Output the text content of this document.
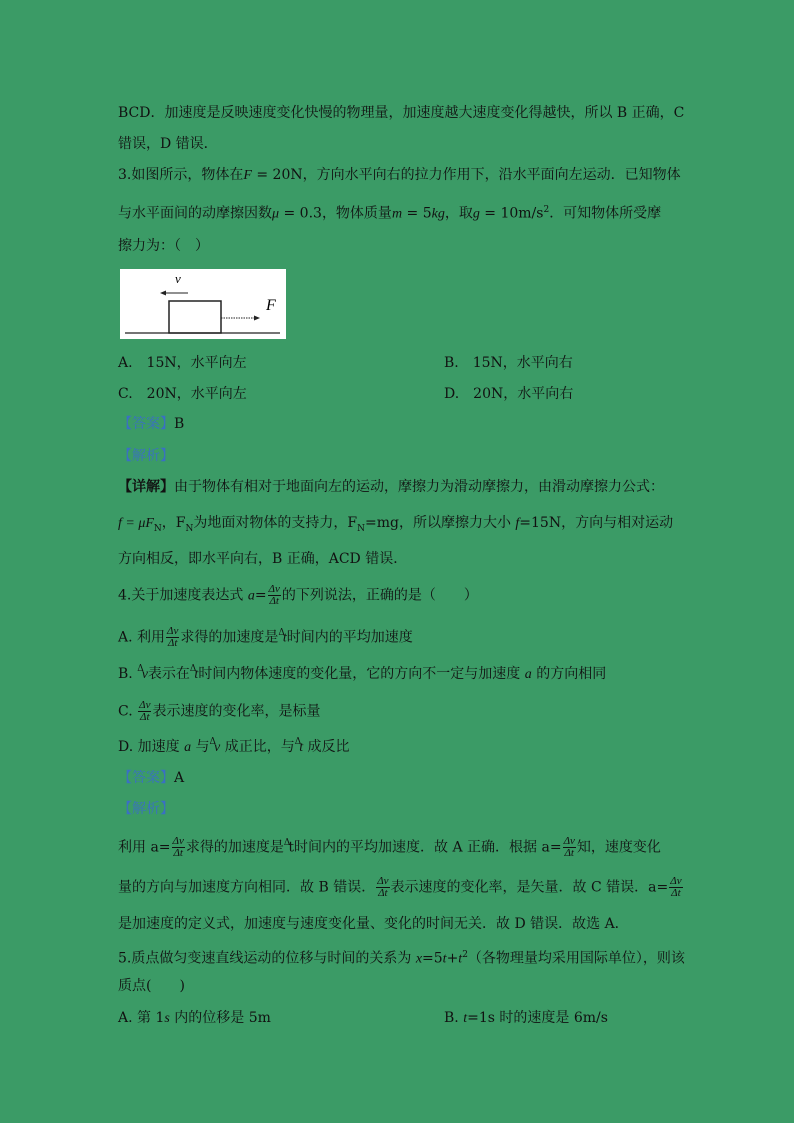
BCD．加速度是反映速度变化快慢的物理量，加速度越大速度变化得越快，所以 B 正确，C
错误，D 错误．
3.如图所示，物体在F = 20N，方向水平向右的拉力作用下，沿水平面向左运动．已知物体
与水平面间的动摩擦因数μ = 0.3，物体质量m = 5kg，取$g = 10m/s^2$．可知物体所受摩
擦力为：（　）
v
F
A.　15N，水平向左	B.　15N，水平向右
C.　20N，水平向左	D.　20N，水平向右
【答案】B
【解析】
【详解】由于物体有相对于地面向左的运动，摩擦力为滑动摩擦力，由滑动摩擦力公式：
$f = \mu F_N$，$F_N$为地面对物体的支持力，$F_N=mg$，所以摩擦力大小 f=15N，方向与相对运动
方向相反，即水平向右，B 正确，ACD 错误．
4.关于加速度表达式 $a= \frac{\Delta v}{\Delta t}$ 的下列说法，正确的是（　　）
A. 利用 $\frac{\Delta v}{\Delta t}$ 求得的加速度是$^\Delta$t时间内的平均加速度
B. $^\Delta$v表示在$^\Delta$t时间内物体速度的变化量，它的方向不一定与加速度 a 的方向相同
C. $\frac{\Delta v}{\Delta t}$ 表示速度的变化率，是标量
D. 加速度 a 与$^\Delta$v 成正比，与$^\Delta$t 成反比
【答案】A
【解析】
利用 $a= \frac{\Delta v}{\Delta t}$ 求得的加速度是$^\Delta$t时间内的平均加速度．故 A 正确．根据 $a= \frac{\Delta v}{\Delta t}$ 知，速度变化
量的方向与加速度方向相同．故 B 错误． $\frac{\Delta v}{\Delta t}$ 表示速度的变化率，是矢量．故 C 错误．$a= \frac{\Delta v}{\Delta t}$
是加速度的定义式，加速度与速度变化量、变化的时间无关．故 D 错误．故选 A．
5.质点做匀变速直线运动的位移与时间的关系为 $x=5t+t^2$（各物理量均采用国际单位），则该
质点(　　)
A. 第 1s 内的位移是 5m	B. t=1s 时的速度是 6m/s
